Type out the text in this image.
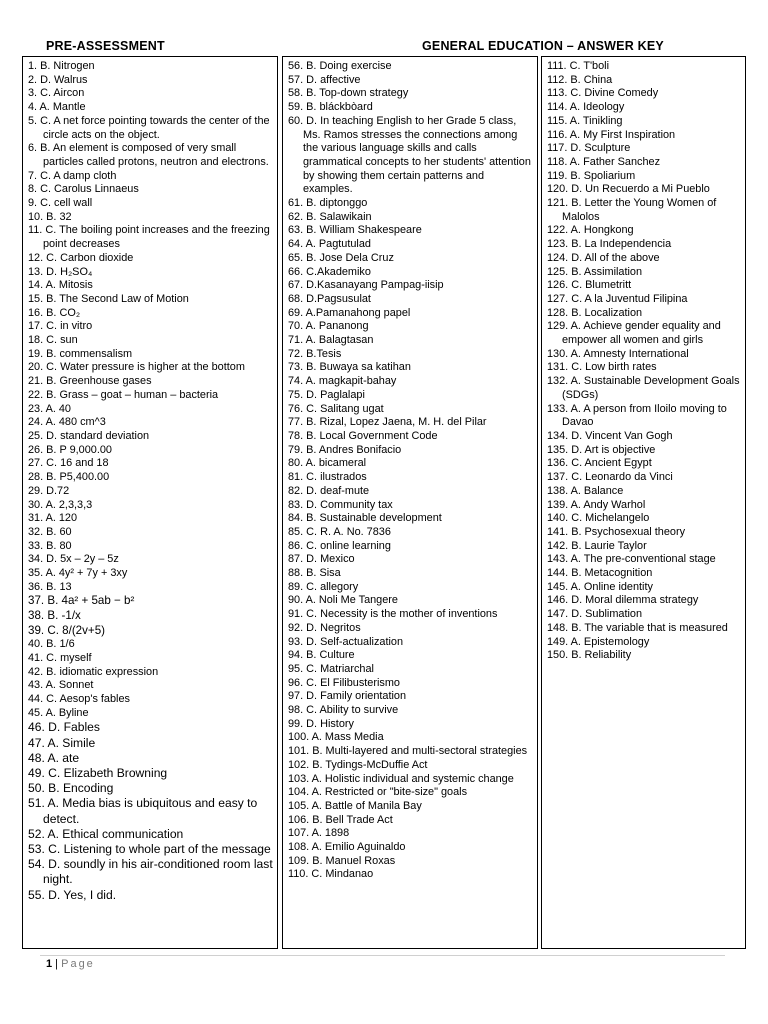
PRE-ASSESSMENT	GENERAL EDUCATION – ANSWER KEY

1. B. Nitrogen

2. D. Walrus

3. C. Aircon

4. A. Mantle

5. C. A net force pointing towards the center of the circle acts on the object.

6. B. An element is composed of very small particles called protons, neutron and electrons.

7. C. A damp cloth

8. C. Carolus Linnaeus

9. C. cell wall

10. B. 32

11. C. The boiling point increases and the freezing point decreases

12. C. Carbon dioxide

13. D. H₂SO₄

14. A. Mitosis

15. B. The Second Law of Motion

16. B. CO₂

17. C. in vitro

18. C. sun

19. B. commensalism

20. C. Water pressure is higher at the bottom

21. B. Greenhouse gases

22. B. Grass – goat – human – bacteria

23. A. 40

24. A. 480 cm^3

25. D. standard deviation

26. B. P 9,000.00

27. C. 16 and 18

28. B. P5,400.00

29. D.72

30. A. 2,3,3,3

31. A. 120

32. B. 60

33. B. 80

34. D. 5x – 2y – 5z

35. A. 4y² + 7y + 3xy

36. B. 13

37. B. 4a² + 5ab − b²

38. B. -1/x

39. C. 8/(2v+5)

40. B. 1/6

41. C. myself

42. B. idiomatic expression

43. A. Sonnet

44. C. Aesop's fables

45. A. Byline

46. D. Fables

47. A. Simile

48. A. ate

49. C. Elizabeth Browning

50. B. Encoding

51. A. Media bias is ubiquitous and easy to detect.

52. A. Ethical communication

53. C. Listening to whole part of the message

54. D. soundly in his air-conditioned room last night.

55. D. Yes, I did.

56. B. Doing exercise

57. D. affective

58. B. Top-down strategy

59. B. bláckbòard

60. D. In teaching English to her Grade 5 class, Ms. Ramos stresses the connections among the various language skills and calls grammatical concepts to her students' attention by showing them certain patterns and examples.

61. B. diptonggo

62. B. Salawikain

63. B. William Shakespeare

64. A. Pagtutulad

65. B. Jose Dela Cruz

66. C.Akademiko

67. D.Kasanayang Pampag-iisip

68. D.Pagsusulat

69. A.Pamanahong papel

70. A. Pananong

71. A. Balagtasan

72. B.Tesis

73. B. Buwaya sa katihan

74. A. magkapit-bahay

75. D. Paglalapi

76. C. Salitang ugat

77. B. Rizal, Lopez Jaena, M. H. del Pilar

78. B. Local Government Code

79. B. Andres Bonifacio

80. A. bicameral

81. C. ilustrados

82. D. deaf-mute

83. D. Community tax

84. B. Sustainable development

85. C. R. A. No. 7836

86. C. online learning

87. D. Mexico

88. B. Sisa

89. C. allegory

90. A. Noli Me Tangere

91. C. Necessity is the mother of inventions

92. D. Negritos

93. D. Self-actualization

94. B. Culture

95. C. Matriarchal

96. C. El Filibusterismo

97. D. Family orientation

98. C. Ability to survive

99. D. History

100. A. Mass Media

101. B. Multi-layered and multi-sectoral strategies

102. B. Tydings-McDuffie Act

103. A. Holistic individual and systemic change

104. A. Restricted or "bite-size" goals

105. A. Battle of Manila Bay

106. B. Bell Trade Act

107. A. 1898

108. A. Emilio Aguinaldo

109. B. Manuel Roxas

110. C. Mindanao

111. C. T'boli

112. B. China

113. C. Divine Comedy

114. A. Ideology

115. A. Tinikling

116. A. My First Inspiration

117. D. Sculpture

118. A. Father Sanchez

119. B. Spoliarium

120. D. Un Recuerdo a Mi Pueblo

121. B. Letter the Young Women of Malolos

122. A. Hongkong

123. B. La Independencia

124. D. All of the above

125. B. Assimilation

126. C. Blumetritt

127. C. A la Juventud Filipina

128. B. Localization

129. A. Achieve gender equality and empower all women and girls

130. A. Amnesty International

131. C. Low birth rates

132. A. Sustainable Development Goals (SDGs)

133. A. A person from Iloilo moving to Davao

134. D. Vincent Van Gogh

135. D. Art is objective

136. C. Ancient Egypt

137. C. Leonardo da Vinci

138. A. Balance

139. A. Andy Warhol

140. C. Michelangelo

141. B. Psychosexual theory

142. B. Laurie Taylor

143. A. The pre-conventional stage

144. B. Metacognition

145. A. Online identity

146. D. Moral dilemma strategy

147. D. Sublimation

148. B. The variable that is measured

149. A. Epistemology

150. B. Reliability

1 | Page
